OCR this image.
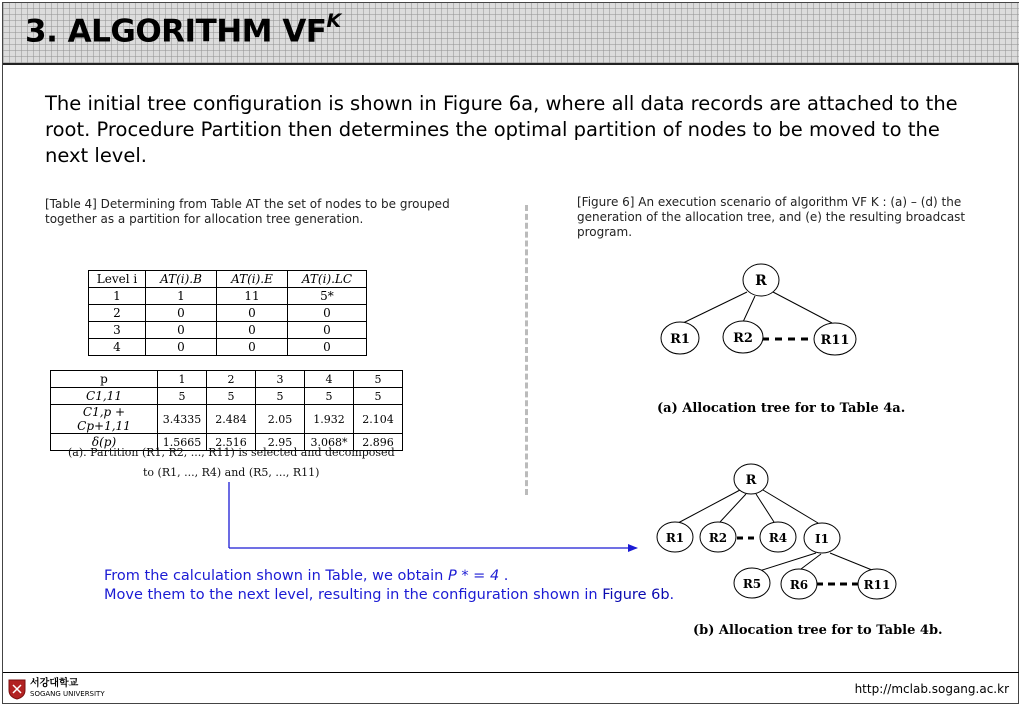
3. ALGORITHM $VF^K$
The initial tree configuration is shown in Figure 6a, where all data records are attached to the root. Procedure Partition then determines the optimal partition of nodes to be moved to the next level.
[Table 4] Determining from Table AT the set of nodes to be grouped together as a partition for allocation tree generation.
[Figure 6] An execution scenario of algorithm VF K : (a) – (d) the generation of the allocation tree, and (e) the resulting broadcast program.
Level i	AT(i).B	AT(i).E	AT(i).LC
1	1	11	5*
2	0	0	0
3	0	0	0
4	0	0	0
p	1	2	3	4	5
C1,11	5	5	5	5	5
C1,p + Cp+1,11	3.4335	2.484	2.05	1.932	2.104
δ(p)	1.5665	2.516	2.95	3.068*	2.896
(a). Partition (R1, R2, ..., R11) is selected and decomposed
to (R1, ..., R4) and (R5, ..., R11)
R
R1	R2	R11
(a) Allocation tree for to Table 4a.
R
R1 R2	R4 I1
R5 R6	R11
(b) Allocation tree for to Table 4b.
From the calculation shown in Table, we obtain P * = 4 .
Move them to the next level, resulting in the configuration shown in Figure 6b.
서강대학교
SOGANG UNIVERSITY	http://mclab.sogang.ac.kr
